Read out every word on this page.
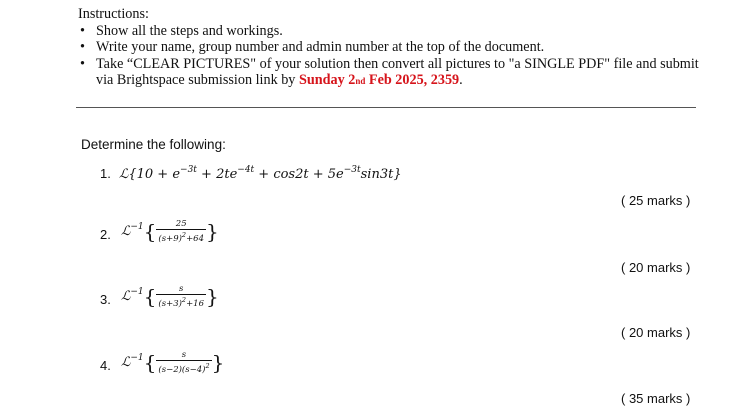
Instructions:
• Show all the steps and workings.
• Write your name, group number and admin number at the top of the document.
• Take “CLEAR PICTURES" of your solution then convert all pictures to "a SINGLE PDF" file and submit via Brightspace submission link by Sunday 2nd Feb 2025, 2359.
Determine the following:
1. ℒ{10 + $e^{-3t} + 2te^{-4t} + \cos 2t + 5e^{-3t}\sin 3t$}
( 25 marks )
2. ℒ$^{-1}${ $\frac{25}{(s+9)^2+64}$ }
( 20 marks )
3. ℒ$^{-1}${ $\frac{s}{(s+3)^2+16}$ }
( 20 marks )
4. ℒ$^{-1}${ $\frac{s}{(s-2)(s-4)^2}$ }
( 35 marks )
